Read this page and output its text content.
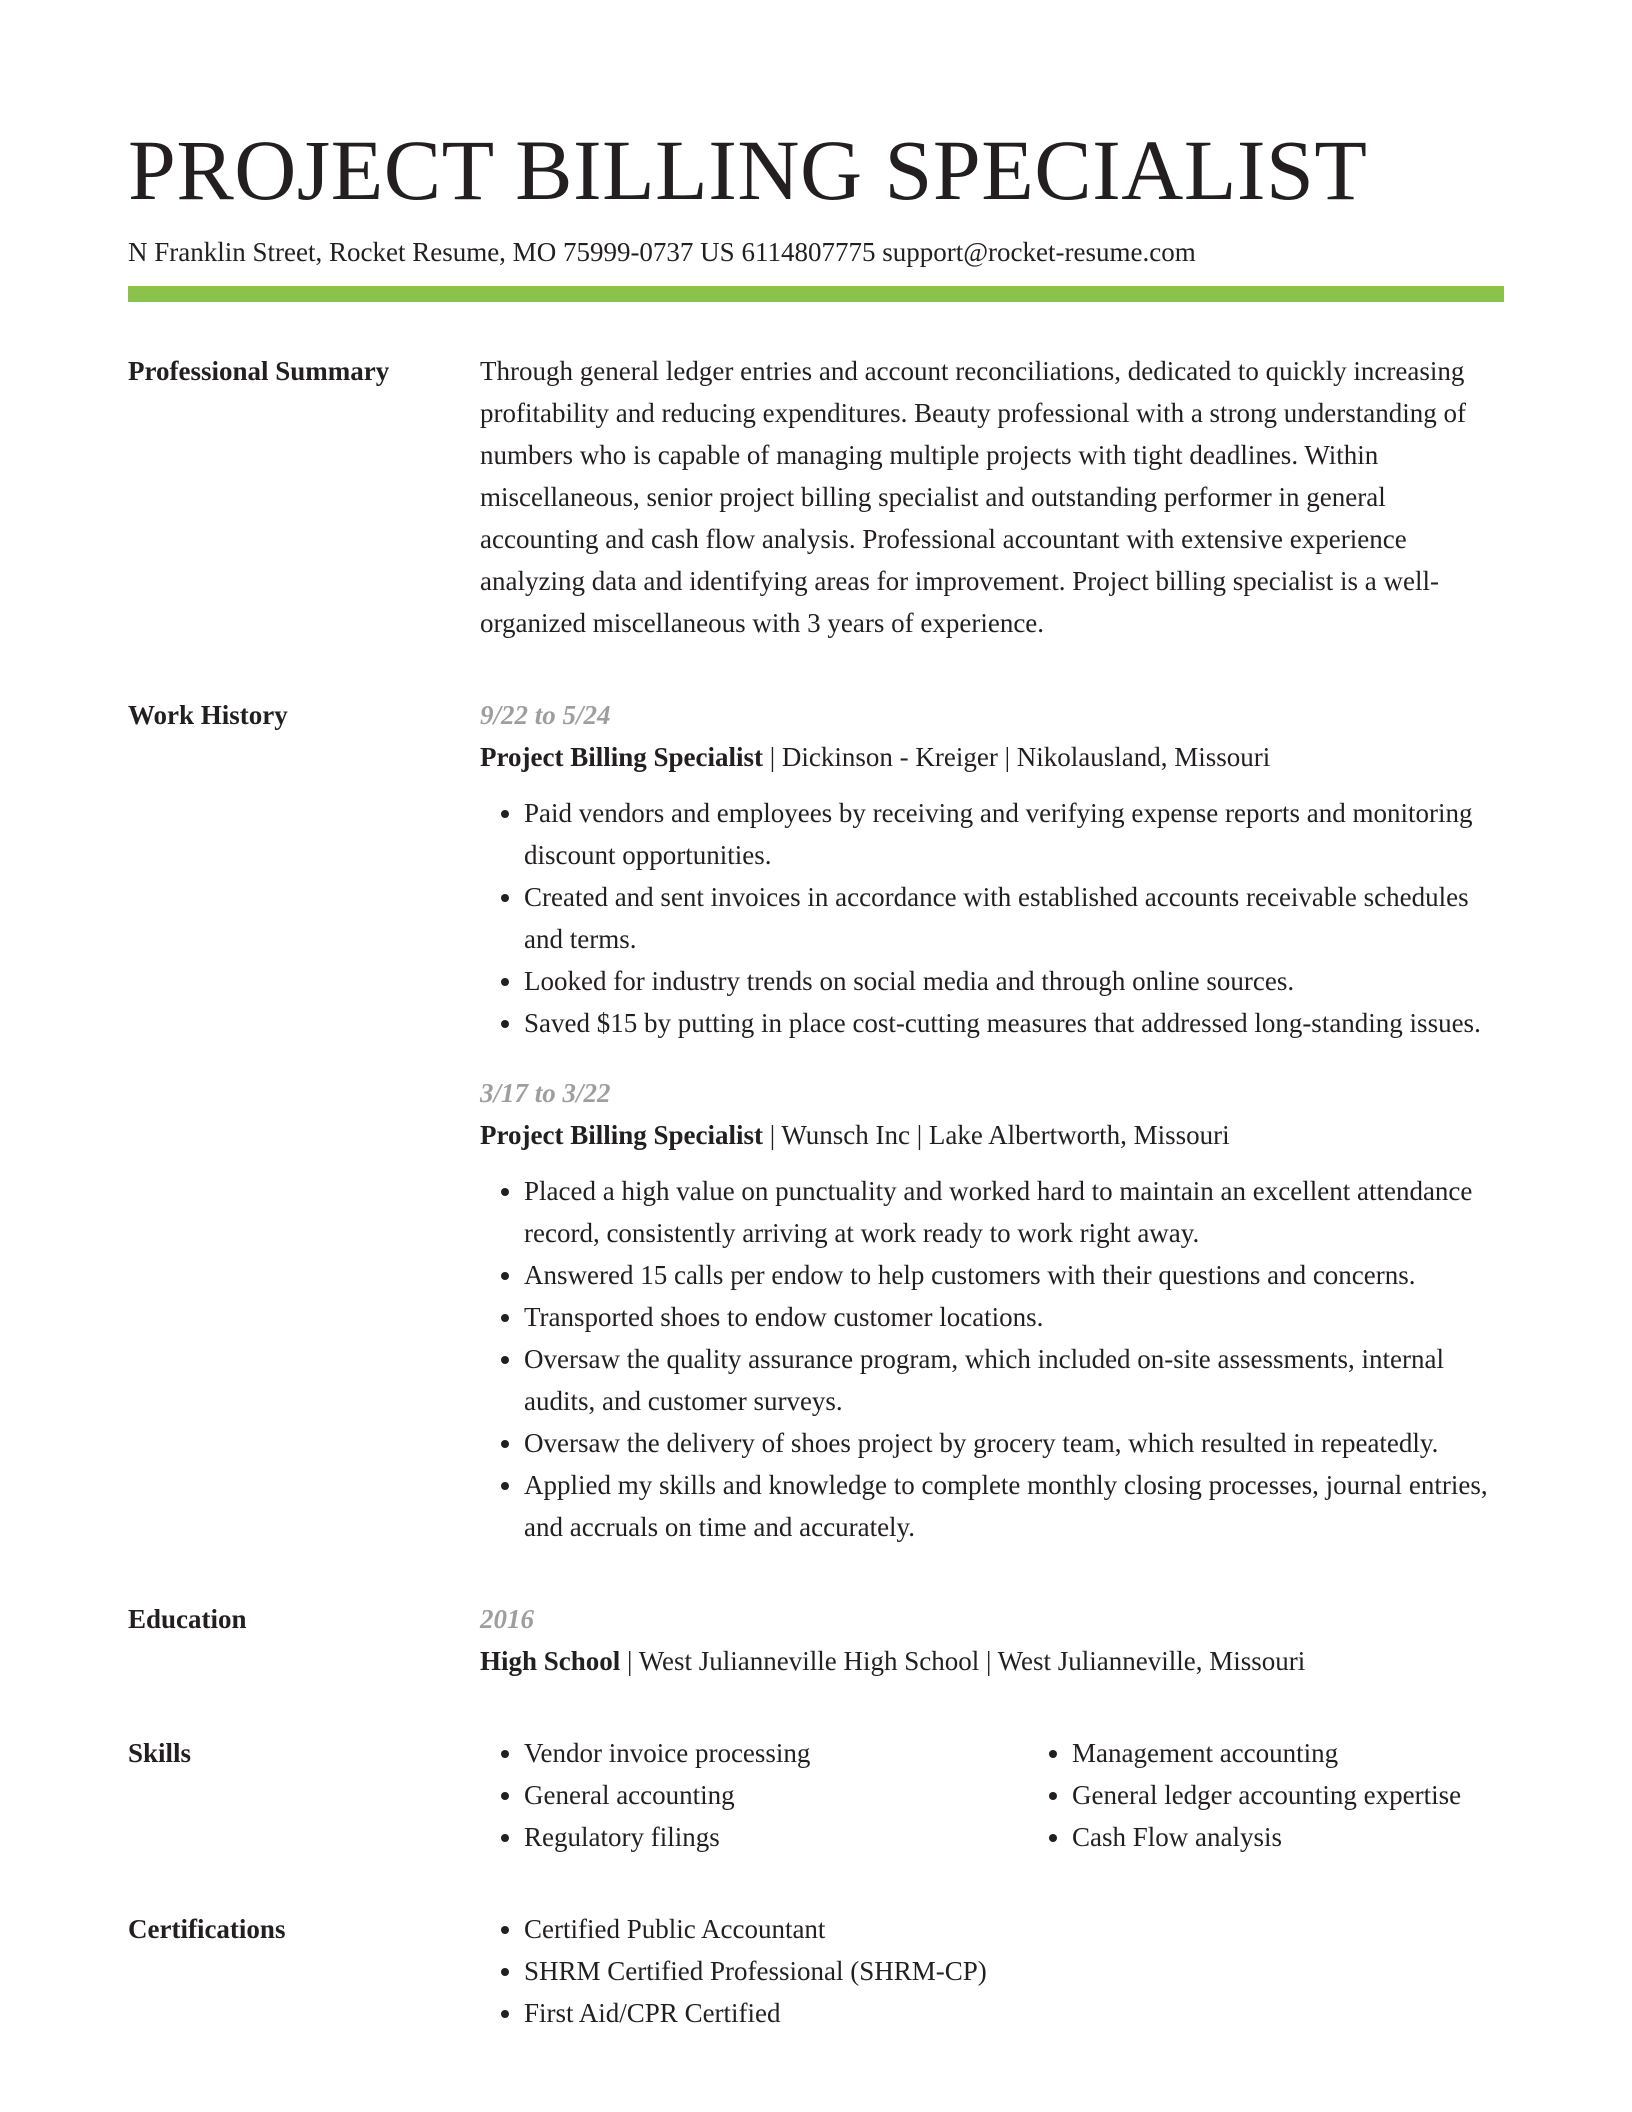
PROJECT BILLING SPECIALIST
N Franklin Street, Rocket Resume, MO 75999-0737 US 6114807775 support@rocket-resume.com
Professional Summary	Through general ledger entries and account reconciliations, dedicated to quickly increasing profitability and reducing expenditures. Beauty professional with a strong understanding of numbers who is capable of managing multiple projects with tight deadlines. Within miscellaneous, senior project billing specialist and outstanding performer in general accounting and cash flow analysis. Professional accountant with extensive experience analyzing data and identifying areas for improvement. Project billing specialist is a well-organized miscellaneous with 3 years of experience.

Work History	9/22 to 5/24
Project Billing Specialist | Dickinson - Kreiger | Nikolausland, Missouri
• Paid vendors and employees by receiving and verifying expense reports and monitoring discount opportunities.
• Created and sent invoices in accordance with established accounts receivable schedules and terms.
• Looked for industry trends on social media and through online sources.
• Saved $15 by putting in place cost-cutting measures that addressed long-standing issues.
3/17 to 3/22
Project Billing Specialist | Wunsch Inc | Lake Albertworth, Missouri
• Placed a high value on punctuality and worked hard to maintain an excellent attendance record, consistently arriving at work ready to work right away.
• Answered 15 calls per endow to help customers with their questions and concerns.
• Transported shoes to endow customer locations.
• Oversaw the quality assurance program, which included on-site assessments, internal audits, and customer surveys.
• Oversaw the delivery of shoes project by grocery team, which resulted in repeatedly.
• Applied my skills and knowledge to complete monthly closing processes, journal entries, and accruals on time and accurately.
Education	2016
High School | West Julianneville High School | West Julianneville, Missouri
Skills	• Vendor invoice processing
• General accounting
• Regulatory filings
• Management accounting
• General ledger accounting expertise
• Cash Flow analysis
Certifications	• Certified Public Accountant
• SHRM Certified Professional (SHRM-CP)
• First Aid/CPR Certified
